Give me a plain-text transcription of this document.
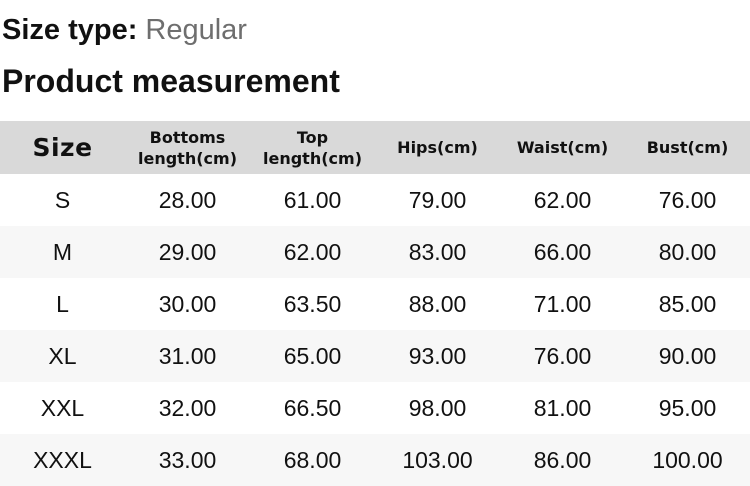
Size type: Regular
Product measurement
Size	Bottoms length(cm)	Top length(cm)	Hips(cm)	Waist(cm)	Bust(cm)
S	28.00	61.00	79.00	62.00	76.00
M	29.00	62.00	83.00	66.00	80.00
L	30.00	63.50	88.00	71.00	85.00
XL	31.00	65.00	93.00	76.00	90.00
XXL	32.00	66.50	98.00	81.00	95.00
XXXL	33.00	68.00	103.00	86.00	100.00
